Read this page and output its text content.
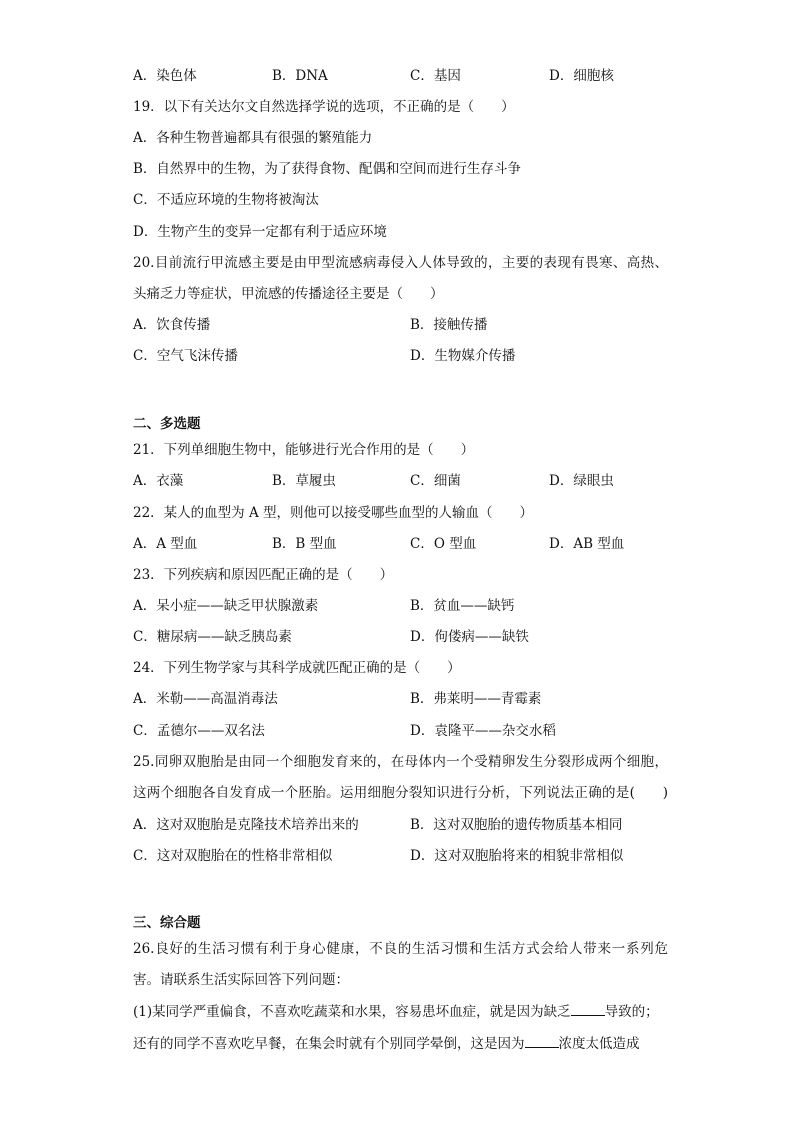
A．染色体	B．DNA	C．基因	D．细胞核
19．以下有关达尔文自然选择学说的选项，不正确的是（　　）
A．各种生物普遍都具有很强的繁殖能力
B．自然界中的生物，为了获得食物、配偶和空间而进行生存斗争
C．不适应环境的生物将被淘汰
D．生物产生的变异一定都有利于适应环境
20.目前流行甲流感主要是由甲型流感病毒侵入人体导致的，主要的表现有畏寒、高热、
头痛乏力等症状，甲流感的传播途径主要是（　　）
A．饮食传播	B．接触传播
C．空气飞沫传播	D．生物媒介传播
二、多选题
21．下列单细胞生物中，能够进行光合作用的是（　　）
A．衣藻	B．草履虫	C．细菌	D．绿眼虫
22．某人的血型为 A 型，则他可以接受哪些血型的人输血（　　）
A．A 型血	B．B 型血	C．O 型血	D．AB 型血
23．下列疾病和原因匹配正确的是（　　）
A．呆小症——缺乏甲状腺激素	B．贫血——缺钙
C．糖尿病——缺乏胰岛素	D．佝偻病——缺铁
24．下列生物学家与其科学成就匹配正确的是（　　）
A．米勒——高温消毒法	B．弗莱明——青霉素
C．孟德尔——双名法	D．袁隆平——杂交水稻
25.同卵双胞胎是由同一个细胞发育来的，在母体内一个受精卵发生分裂形成两个细胞，
这两个细胞各自发育成一个胚胎。运用细胞分裂知识进行分析，下列说法正确的是(　　)
A．这对双胞胎是克隆技术培养出来的	B．这对双胞胎的遗传物质基本相同
C．这对双胞胎在的性格非常相似	D．这对双胞胎将来的相貌非常相似
三、综合题
26.良好的生活习惯有利于身心健康，不良的生活习惯和生活方式会给人带来一系列危
害。请联系生活实际回答下列问题：
(1)某同学严重偏食，不喜欢吃蔬菜和水果，容易患坏血症，就是因为缺乏	导致的；
还有的同学不喜欢吃早餐，在集会时就有个别同学晕倒，这是因为	浓度太低造成
